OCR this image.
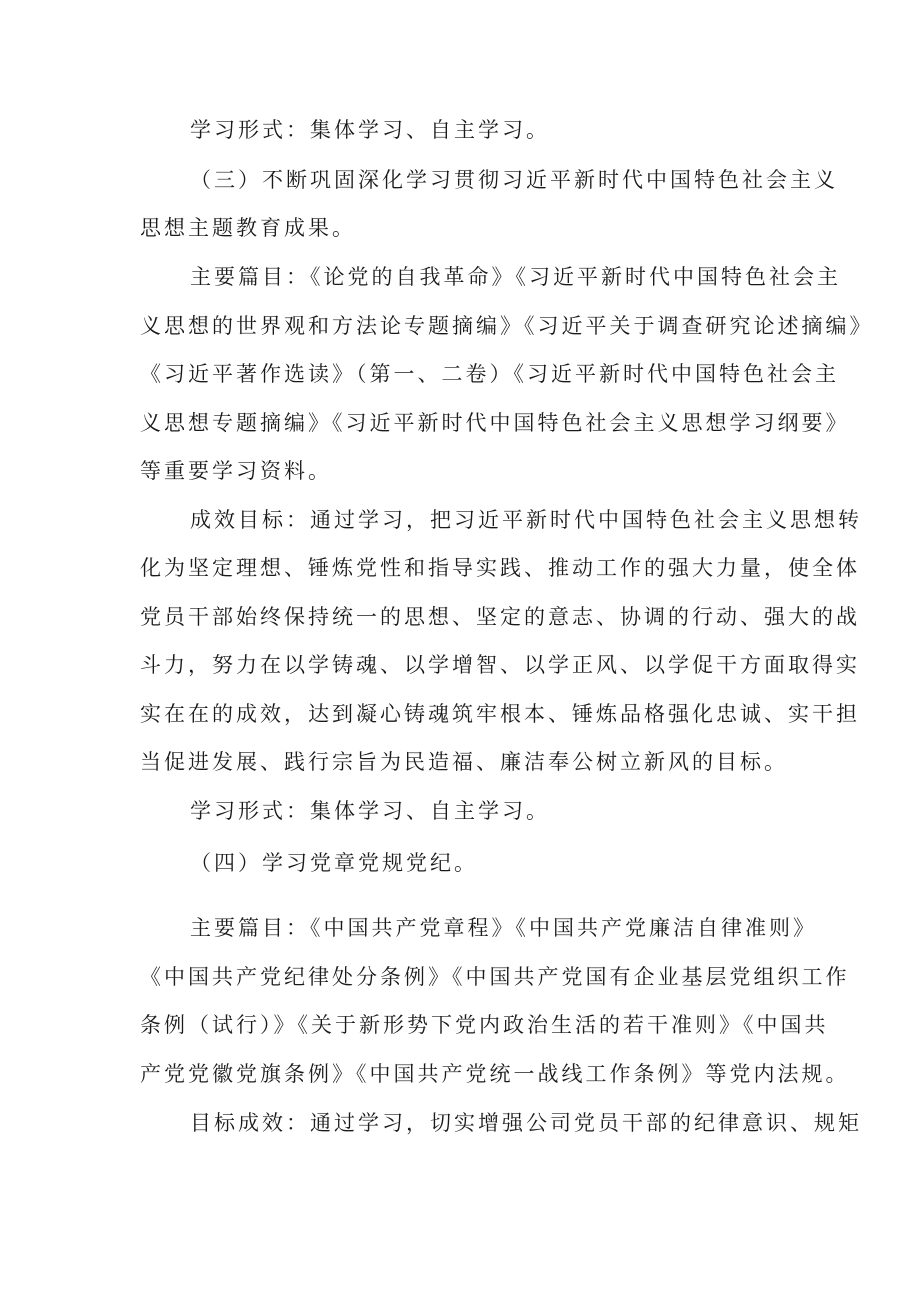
学习形式：集体学习、自主学习。
（三）不断巩固深化学习贯彻习近平新时代中国特色社会主义
思想主题教育成果。
主要篇目：《论党的自我革命》《习近平新时代中国特色社会主
义思想的世界观和方法论专题摘编》《习近平关于调查研究论述摘编》
《习近平著作选读》（第一、二卷）《习近平新时代中国特色社会主
义思想专题摘编》《习近平新时代中国特色社会主义思想学习纲要》
等重要学习资料。
成效目标：通过学习，把习近平新时代中国特色社会主义思想转
化为坚定理想、锤炼党性和指导实践、推动工作的强大力量，使全体
党员干部始终保持统一的思想、坚定的意志、协调的行动、强大的战
斗力，努力在以学铸魂、以学增智、以学正风、以学促干方面取得实
实在在的成效，达到凝心铸魂筑牢根本、锤炼品格强化忠诚、实干担
当促进发展、践行宗旨为民造福、廉洁奉公树立新风的目标。
学习形式：集体学习、自主学习。
（四）学习党章党规党纪。
主要篇目：《中国共产党章程》《中国共产党廉洁自律准则》
《中国共产党纪律处分条例》《中国共产党国有企业基层党组织工作
条例（试行）》《关于新形势下党内政治生活的若干准则》《中国共
产党党徽党旗条例》《中国共产党统一战线工作条例》等党内法规。
目标成效：通过学习，切实增强公司党员干部的纪律意识、规矩
